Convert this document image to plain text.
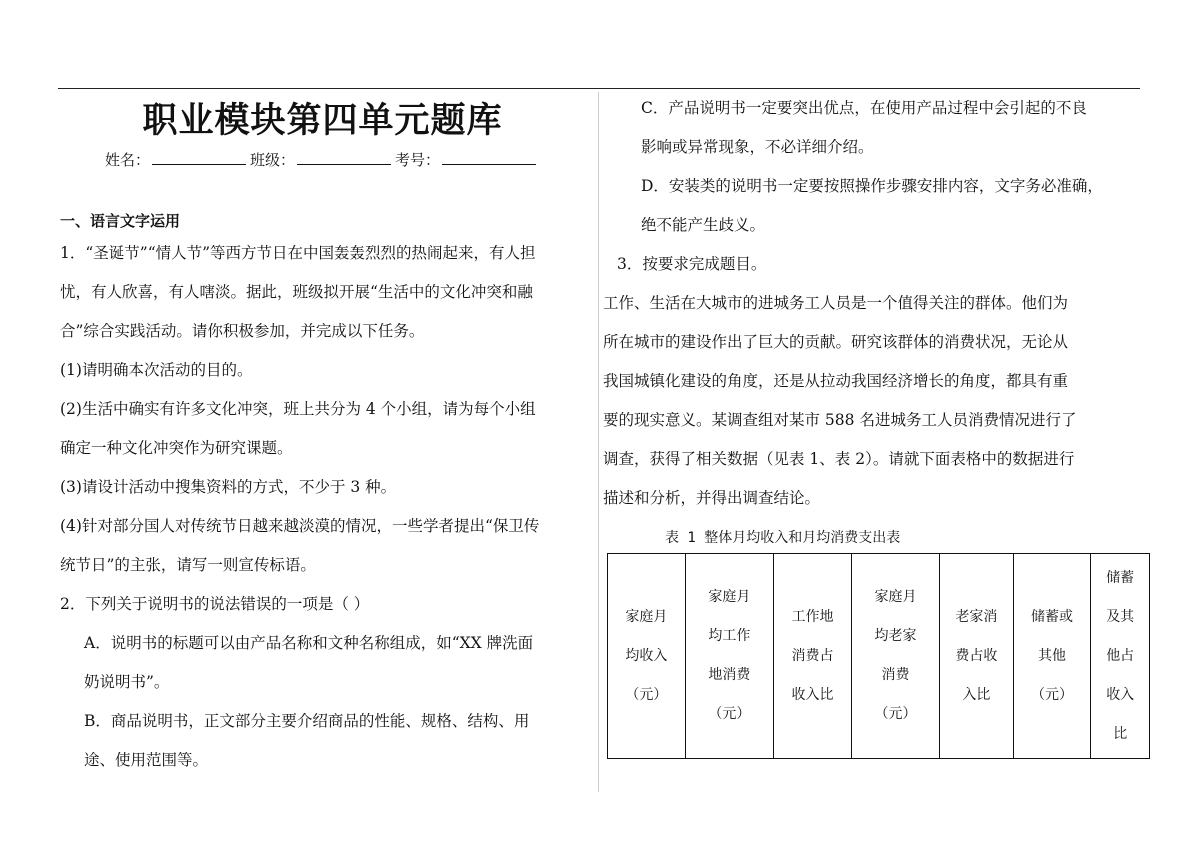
职业模块第四单元题库
姓名：	班级：	考号：
一、语言文字运用

1．“圣诞节”“情人节”等西方节日在中国轰轰烈烈的热闹起来，有人担

忧，有人欣喜，有人嗐淡。据此，班级拟开展“生活中的文化冲突和融

合”综合实践活动。请你积极参加，并完成以下任务。

(1)请明确本次活动的目的。

(2)生活中确实有许多文化冲突，班上共分为 4 个小组，请为每个小组

确定一种文化冲突作为研究课题。

(3)请设计活动中搜集资料的方式，不少于 3 种。

(4)针对部分国人对传统节日越来越淡漠的情况，一些学者提出“保卫传

统节日”的主张，请写一则宣传标语。

2．下列关于说明书的说法错误的一项是（ ）

A．说明书的标题可以由产品名称和文种名称组成，如“XX 牌洗面

奶说明书”。

B．商品说明书，正文部分主要介绍商品的性能、规格、结构、用

途、使用范围等。

C．产品说明书一定要突出优点，在使用产品过程中会引起的不良

影响或异常现象，不必详细介绍。

D．安装类的说明书一定要按照操作步骤安排内容，文字务必准确，

绝不能产生歧义。

3．按要求完成题目。

工作、生活在大城市的进城务工人员是一个值得关注的群体。他们为

所在城市的建设作出了巨大的贡献。研究该群体的消费状况，无论从

我国城镇化建设的角度，还是从拉动我国经济增长的角度，都具有重

要的现实意义。某调查组对某市 588 名进城务工人员消费情况进行了

调查，获得了相关数据（见表 1、表 2）。请就下面表格中的数据进行

描述和分析，并得出调查结论。

表 1 整体月均收入和月均消费支出表
家庭月
均收入
（元）

家庭月
均工作
地消费
（元）

工作地
消费占
收入比

家庭月
均老家
消费
（元）

老家消
费占收
入比

储蓄或
其他
（元）

储蓄
及其
他占
收入
比
